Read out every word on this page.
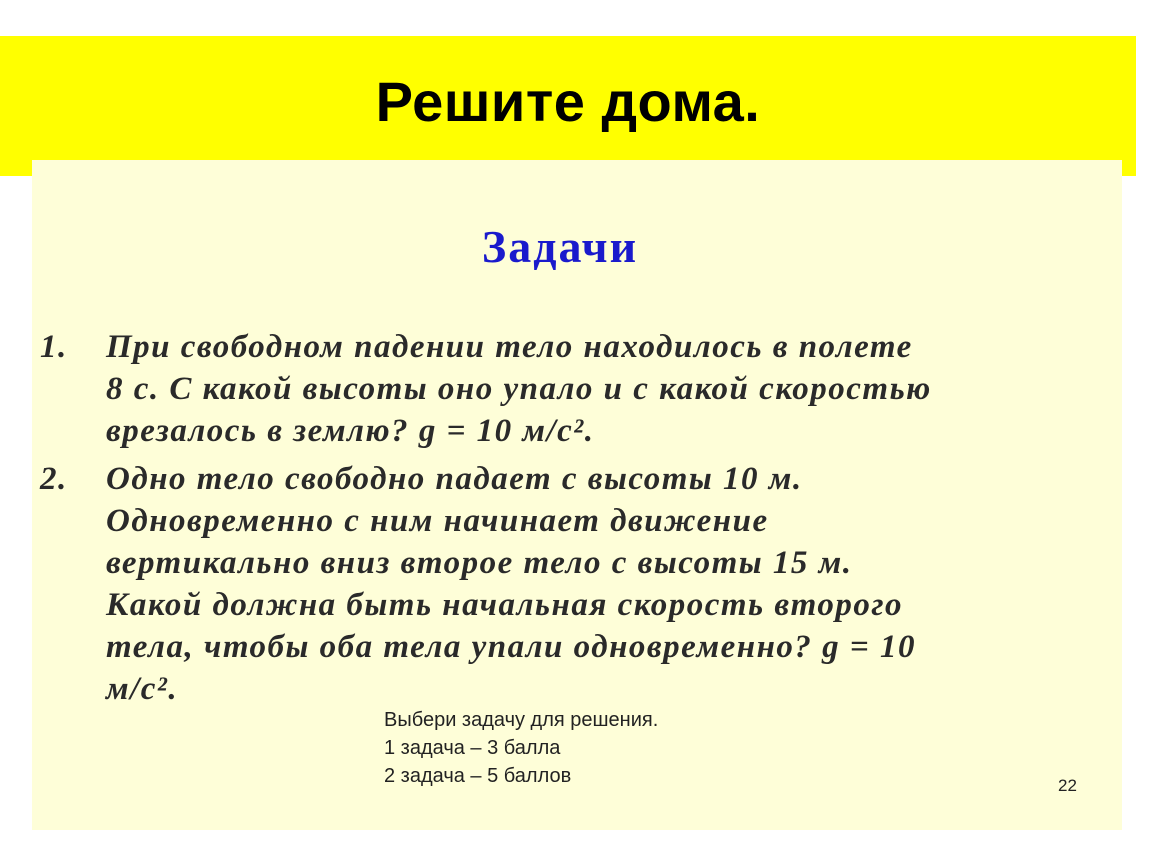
Решите дома.
Задачи
1.	При свободном падении тело находилось в полете
8 с. С какой высоты оно упало и с какой скоростью
врезалось в землю? g = 10 м/с².
2.	Одно тело свободно падает с высоты 10 м.
Одновременно с ним начинает движение
вертикально вниз второе тело с высоты 15 м.
Какой должна быть начальная скорость второго
тела, чтобы оба тела упали одновременно? g = 10
м/с².
Выбери задачу для решения.
1 задача – 3 балла
2 задача – 5 баллов	22
